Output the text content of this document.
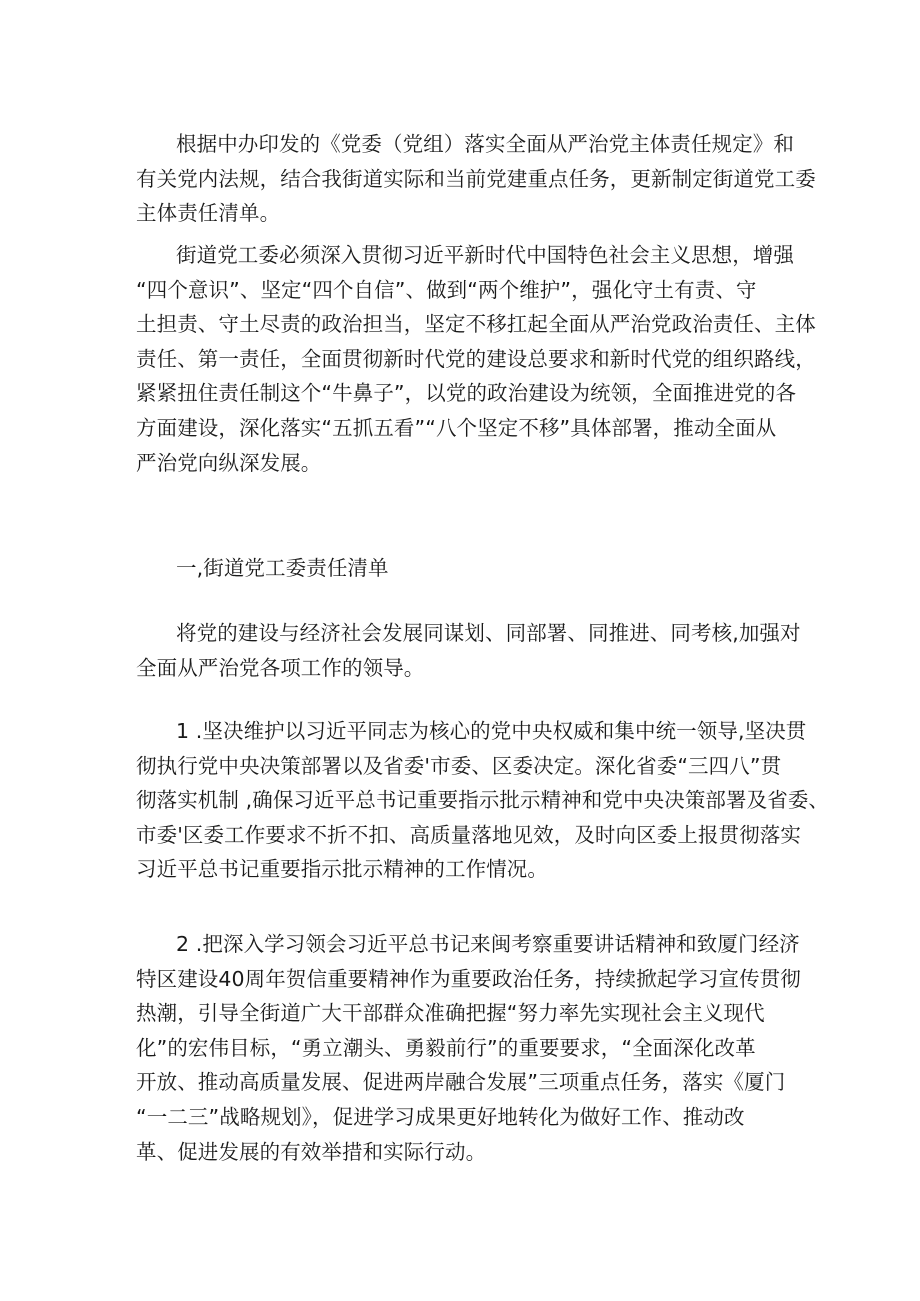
根据中办印发的《党委（党组）落实全面从严治党主体责任规定》和
有关党内法规，结合我街道实际和当前党建重点任务，更新制定街道党工委
主体责任清单。
街道党工委必须深入贯彻习近平新时代中国特色社会主义思想，增强
“四个意识”、坚定“四个自信”、做到“两个维护”，强化守土有责、守
土担责、守土尽责的政治担当，坚定不移扛起全面从严治党政治责任、主体
责任、第一责任，全面贯彻新时代党的建设总要求和新时代党的组织路线，
紧紧扭住责任制这个“牛鼻子”，以党的政治建设为统领，全面推进党的各
方面建设，深化落实“五抓五看”“八个坚定不移”具体部署，推动全面从
严治党向纵深发展。
一,街道党工委责任清单
将党的建设与经济社会发展同谋划、同部署、同推进、同考核,加强对
全面从严治党各项工作的领导。
1 .坚决维护以习近平同志为核心的党中央权威和集中统一领导,坚决贯
彻执行党中央决策部署以及省委'市委、区委决定。深化省委“三四八”贯
彻落实机制 ,确保习近平总书记重要指示批示精神和党中央决策部署及省委、
市委'区委工作要求不折不扣、高质量落地见效，及时向区委上报贯彻落实
习近平总书记重要指示批示精神的工作情况。
2 .把深入学习领会习近平总书记来闽考察重要讲话精神和致厦门经济
特区建设40周年贺信重要精神作为重要政治任务，持续掀起学习宣传贯彻
热潮，引导全街道广大干部群众准确把握“努力率先实现社会主义现代
化”的宏伟目标，“勇立潮头、勇毅前行”的重要要求，“全面深化改革
开放、推动高质量发展、促进两岸融合发展”三项重点任务，落实《厦门
“一二三”战略规划》，促进学习成果更好地转化为做好工作、推动改
革、促进发展的有效举措和实际行动。
